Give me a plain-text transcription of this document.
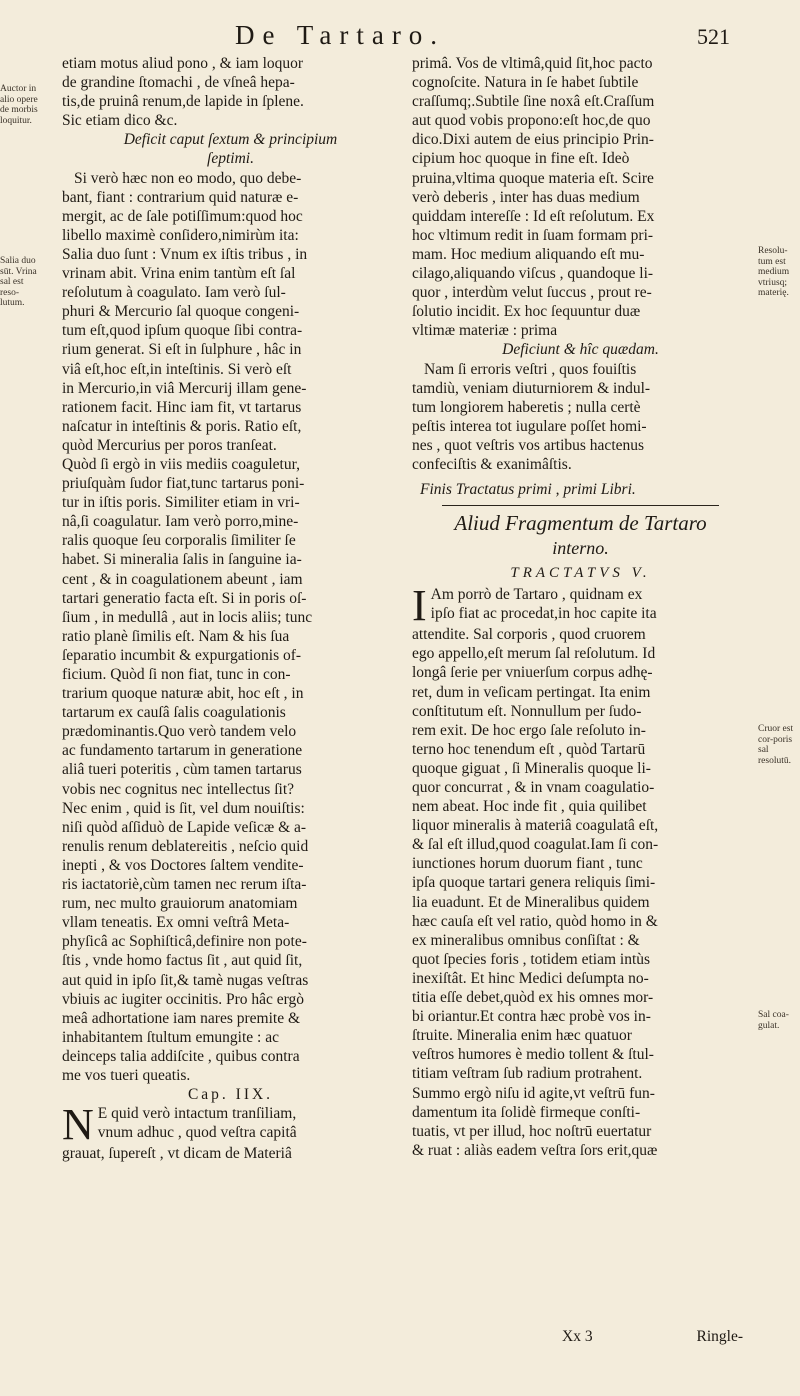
De Tartaro.	521
Auctor in alio opere de morbis loquitur.
Salia duo sūt. Vrina sal est reso-lutum.
Resolu-tum est medium vtriusq; materię.
Cruor est cor-poris sal resolutū.
Sal coa-gulat.
etiam motus aliud pono , & iam loquor
de grandine ſtomachi , de vſneâ hepa-
tis,de pruinâ renum,de lapide in ſplene.
Sic etiam dico &c.
Deficit caput ſextum & principium
ſeptimi.
Si verò hæc non eo modo, quo debe-
bant, fiant : contrarium quid naturæ e-
mergit, ac de ſale potiſſimum:quod hoc
libello maximè conſidero,nimirùm ita:
Salia duo ſunt : Vnum ex iſtis tribus , in
vrinam abit. Vrina enim tantùm eſt ſal
reſolutum à coagulato. Iam verò ſul-
phuri & Mercurio ſal quoque congeni-
tum eſt,quod ipſum quoque ſibi contra-
rium generat. Si eſt in ſulphure , hâc in
viâ eſt,hoc eſt,in inteſtinis. Si verò eſt
in Mercurio,in viâ Mercurij illam gene-
rationem facit. Hinc iam fit, vt tartarus
naſcatur in inteſtinis & poris. Ratio eſt,
quòd Mercurius per poros tranſeat.
Quòd ſi ergò in viis mediis coaguletur,
priuſquàm ſudor fiat,tunc tartarus poni-
tur in iſtis poris. Similiter etiam in vri-
nâ,ſi coagulatur. Iam verò porro,mine-
ralis quoque ſeu corporalis ſimiliter ſe
habet. Si mineralia ſalis in ſanguine ia-
cent , & in coagulationem abeunt , iam
tartari generatio facta eſt. Si in poris oſ-
ſium , in medullâ , aut in locis aliis; tunc
ratio planè ſimilis eſt. Nam & his ſua
ſeparatio incumbit & expurgationis of-
ficium. Quòd ſi non fiat, tunc in con-
trarium quoque naturæ abit, hoc eſt , in
tartarum ex cauſâ ſalis coagulationis
prædominantis.Quo verò tandem velo
ac fundamento tartarum in generatione
aliâ tueri poteritis , cùm tamen tartarus
vobis nec cognitus nec intellectus ſit?
Nec enim , quid is ſit, vel dum nouiſtis:
niſi quòd aſſiduò de Lapide veſicæ & a-
renulis renum deblatereitis , neſcio quid
inepti , & vos Doctores ſaltem vendite-
ris iactatoriè,cùm tamen nec rerum iſta-
rum, nec multo grauiorum anatomiam
vllam teneatis. Ex omni veſtrâ Meta-
phyſicâ ac Sophiſticâ,definire non pote-
ſtis , vnde homo factus ſit , aut quid ſit,
aut quid in ipſo ſit,& tamè nugas veſtras
vbiuis ac iugiter occinitis. Pro hâc ergò
meâ adhortatione iam nares premite &
inhabitantem ſtultum emungite : ac
deinceps talia addiſcite , quibus contra
me vos tueri queatis.
Cap. IIX.
N E quid verò intactum tranſiliam,
vnum adhuc , quod veſtra capitâ
grauat, ſupereſt , vt dicam de Materiâ
primâ. Vos de vltimâ,quid ſit,hoc pacto
cognoſcite. Natura in ſe habet ſubtile
craſſumq;.Subtile ſine noxâ eſt.Craſſum
aut quod vobis propono:eſt hoc,de quo
dico.Dixi autem de eius principio Prin-
cipium hoc quoque in fine eſt. Ideò
pruina,vltima quoque materia eſt. Scire
verò deberis , inter has duas medium
quiddam intereſſe : Id eſt reſolutum. Ex
hoc vltimum redit in ſuam formam pri-
mam. Hoc medium aliquando eſt mu-
cilago,aliquando viſcus , quandoque li-
quor , interdùm velut ſuccus , prout re-
ſolutio incidit. Ex hoc ſequuntur duæ
vltimæ materiæ : prima
Deficiunt & hîc quædam.
Nam ſi erroris veſtri , quos fouiſtis
tamdiù, veniam diuturniorem & indul-
tum longiorem haberetis ; nulla certè
peſtis interea tot iugulare poſſet homi-
nes , quot veſtris vos artibus hactenus
confeciſtis & exanimâſtis.
Finis Tractatus primi , primi Libri.
Aliud Fragmentum de Tartaro
interno.
TRACTATVS V.
I Am porrò de Tartaro , quidnam ex
ipſo fiat ac procedat,in hoc capite ita
attendite. Sal corporis , quod cruorem
ego appello,eſt merum ſal reſolutum. Id
longâ ſerie per vniuerſum corpus adhę-
ret, dum in veſicam pertingat. Ita enim
conſtitutum eſt. Nonnullum per ſudo-
rem exit. De hoc ergo ſale reſoluto in-
terno hoc tenendum eſt , quòd Tartarū
quoque giguat , ſi Mineralis quoque li-
quor concurrat , & in vnam coagulatio-
nem abeat. Hoc inde fit , quia quilibet
liquor mineralis à materiâ coagulatâ eſt,
& ſal eſt illud,quod coagulat.Iam ſi con-
iunctiones horum duorum fiant , tunc
ipſa quoque tartari genera reliquis ſimi-
lia euadunt. Et de Mineralibus quidem
hæc cauſa eſt vel ratio, quòd homo in &
ex mineralibus omnibus conſiſtat : &
quot ſpecies foris , totidem etiam intùs
inexiſtât. Et hinc Medici deſumpta no-
titia eſſe debet,quòd ex his omnes mor-
bi oriantur.Et contra hæc probè vos in-
ſtruite. Mineralia enim hæc quatuor
veſtros humores è medio tollent & ſtul-
titiam veſtram ſub radium protrahent.
Summo ergò niſu id agite,vt veſtrū fun-
damentum ita ſolidè firmeque conſti-
tuatis, vt per illud, hoc noſtrū euertatur
& ruat : aliàs eadem veſtra ſors erit,quæ
Xx 3	Ringle-
